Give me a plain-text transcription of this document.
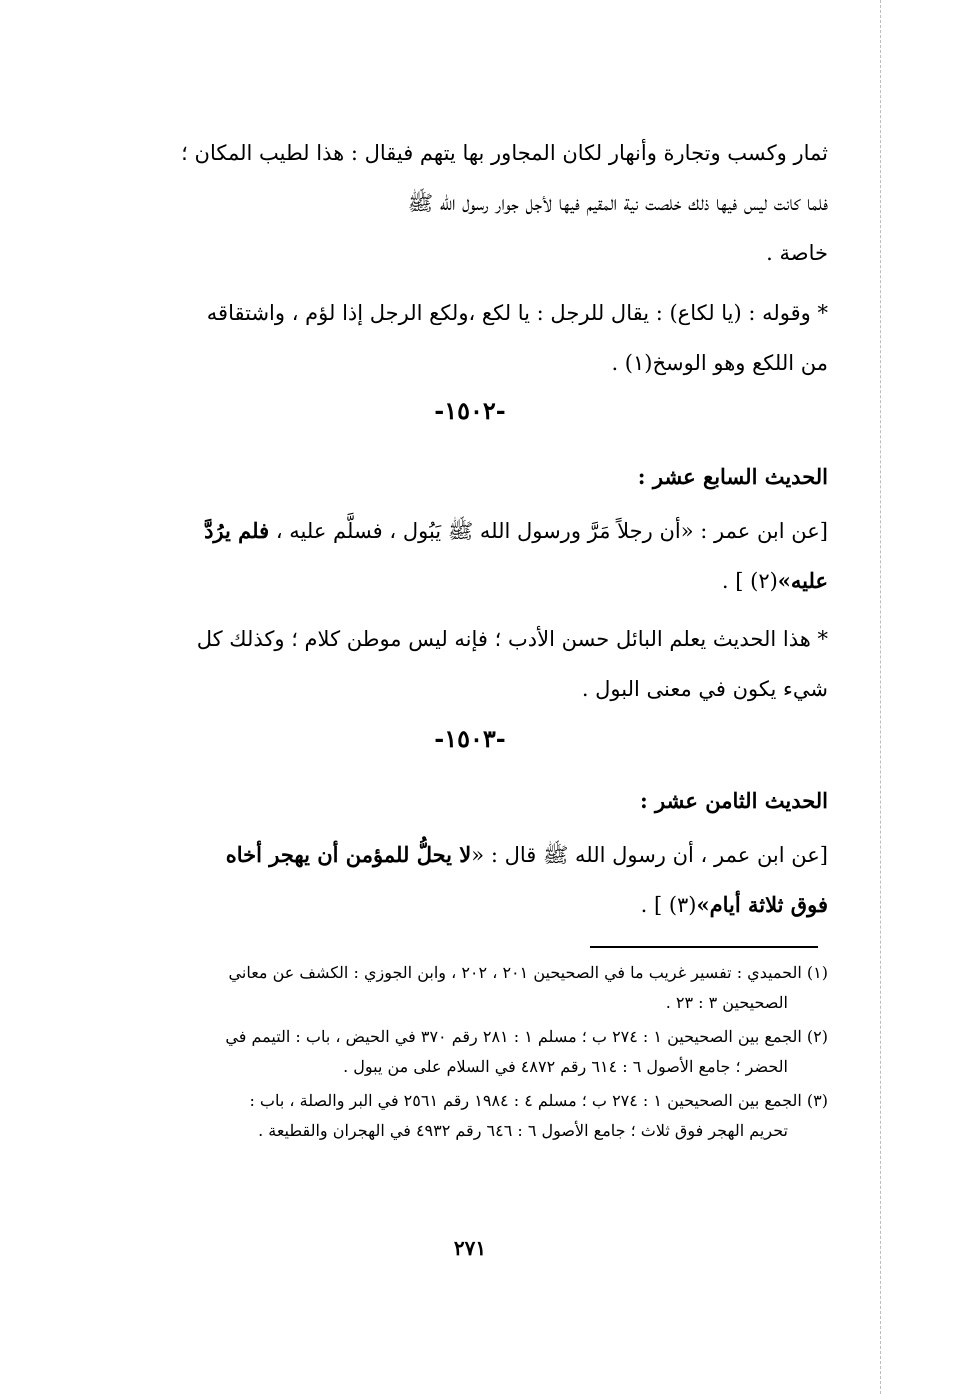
ثمار وكسب وتجارة وأنهار لكان المجاور بها يتهم فيقال : هذا لطيب المكان ؛

فلما كانت ليس فيها ذلك خلصت نية المقيم فيها لأجل جوار رسول الله ﷺ

خاصة .

* وقوله : (يا لكاع) : يقال للرجل : يا لكع ،ولكع الرجل إذا لؤم ، واشتقاقه

من اللكع وهو الوسخ(١) .

-١٥٠٢-
الحديث السابع عشر :

[عن ابن عمر : «أن رجلاً مَرَّ ورسول الله ﷺ يَبُول ، فسلَّم عليه ، فلم يرُدَّ

عليه»(٢) ] .

* هذا الحديث يعلم البائل حسن الأدب ؛ فإنه ليس موطن كلام ؛ وكذلك كل

شيء يكون في معنى البول .

-١٥٠٣-
الحديث الثامن عشر :

[عن ابن عمر ، أن رسول الله ﷺ قال : «لا يحلُّ للمؤمن أن يهجر أخاه

فوق ثلاثة أيام»(٣) ] .

(١) الحميدي : تفسير غريب ما في الصحيحين ٢٠١ ، ٢٠٢ ، وابن الجوزي : الكشف عن معاني
الصحيحين ٣ : ٢٣ .
(٢) الجمع بين الصحيحين ١ : ٢٧٤ ب ؛ مسلم ١ : ٢٨١ رقم ٣٧٠ في الحيض ، باب : التيمم في
الحضر ؛ جامع الأصول ٦ : ٦١٤ رقم ٤٨٧٢ في السلام على من يبول .
(٣) الجمع بين الصحيحين ١ : ٢٧٤ ب ؛ مسلم ٤ : ١٩٨٤ رقم ٢٥٦١ في البر والصلة ، باب :
تحريم الهجر فوق ثلاث ؛ جامع الأصول ٦ : ٦٤٦ رقم ٤٩٣٢ في الهجران والقطيعة .
٢٧١
